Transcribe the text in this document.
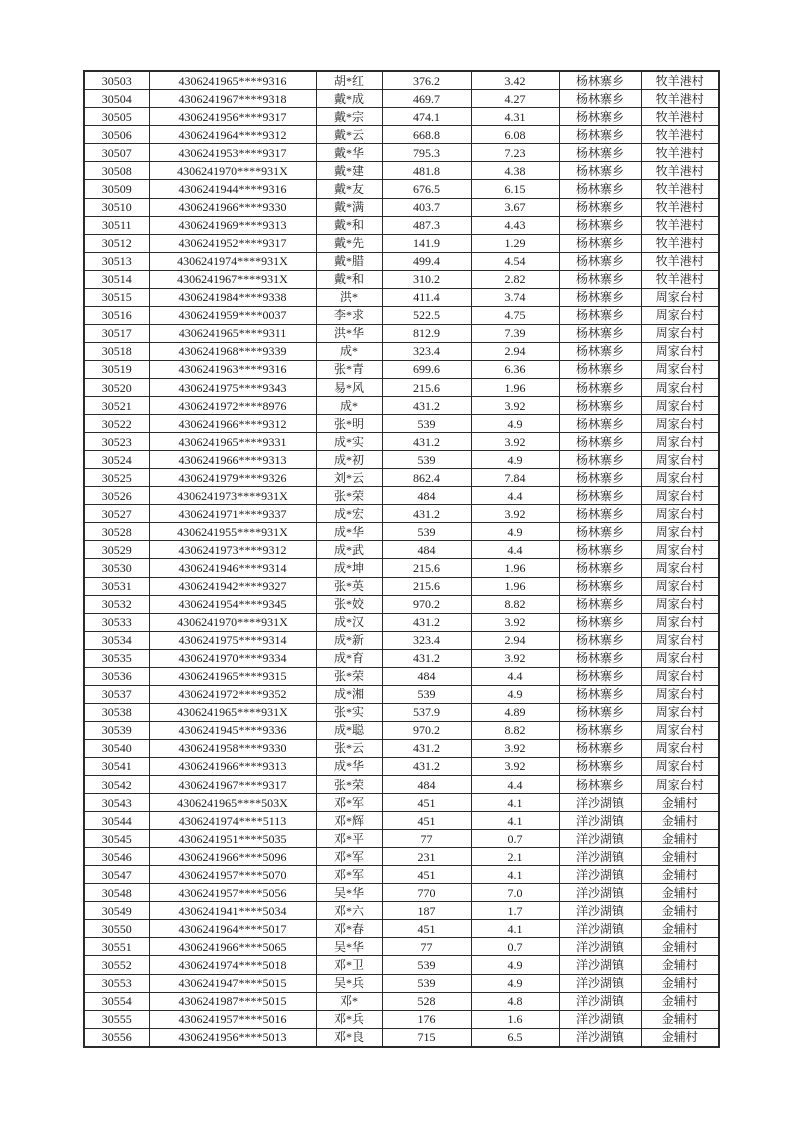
30503	4306241965****9316	胡*红	376.2	3.42	杨林寨乡	牧羊港村
30504	4306241967****9318	戴*成	469.7	4.27	杨林寨乡	牧羊港村
30505	4306241956****9317	戴*宗	474.1	4.31	杨林寨乡	牧羊港村
30506	4306241964****9312	戴*云	668.8	6.08	杨林寨乡	牧羊港村
30507	4306241953****9317	戴*华	795.3	7.23	杨林寨乡	牧羊港村
30508	4306241970****931X	戴*建	481.8	4.38	杨林寨乡	牧羊港村
30509	4306241944****9316	戴*友	676.5	6.15	杨林寨乡	牧羊港村
30510	4306241966****9330	戴*满	403.7	3.67	杨林寨乡	牧羊港村
30511	4306241969****9313	戴*和	487.3	4.43	杨林寨乡	牧羊港村
30512	4306241952****9317	戴*先	141.9	1.29	杨林寨乡	牧羊港村
30513	4306241974****931X	戴*腊	499.4	4.54	杨林寨乡	牧羊港村
30514	4306241967****931X	戴*和	310.2	2.82	杨林寨乡	牧羊港村
30515	4306241984****9338	洪*	411.4	3.74	杨林寨乡	周家台村
30516	4306241959****0037	李*求	522.5	4.75	杨林寨乡	周家台村
30517	4306241965****9311	洪*华	812.9	7.39	杨林寨乡	周家台村
30518	4306241968****9339	成*	323.4	2.94	杨林寨乡	周家台村
30519	4306241963****9316	张*青	699.6	6.36	杨林寨乡	周家台村
30520	4306241975****9343	易*风	215.6	1.96	杨林寨乡	周家台村
30521	4306241972****8976	成*	431.2	3.92	杨林寨乡	周家台村
30522	4306241966****9312	张*明	539	4.9	杨林寨乡	周家台村
30523	4306241965****9331	成*实	431.2	3.92	杨林寨乡	周家台村
30524	4306241966****9313	成*初	539	4.9	杨林寨乡	周家台村
30525	4306241979****9326	刘*云	862.4	7.84	杨林寨乡	周家台村
30526	4306241973****931X	张*荣	484	4.4	杨林寨乡	周家台村
30527	4306241971****9337	成*宏	431.2	3.92	杨林寨乡	周家台村
30528	4306241955****931X	成*华	539	4.9	杨林寨乡	周家台村
30529	4306241973****9312	成*武	484	4.4	杨林寨乡	周家台村
30530	4306241946****9314	成*坤	215.6	1.96	杨林寨乡	周家台村
30531	4306241942****9327	张*英	215.6	1.96	杨林寨乡	周家台村
30532	4306241954****9345	张*姣	970.2	8.82	杨林寨乡	周家台村
30533	4306241970****931X	成*汉	431.2	3.92	杨林寨乡	周家台村
30534	4306241975****9314	成*新	323.4	2.94	杨林寨乡	周家台村
30535	4306241970****9334	成*育	431.2	3.92	杨林寨乡	周家台村
30536	4306241965****9315	张*荣	484	4.4	杨林寨乡	周家台村
30537	4306241972****9352	成*湘	539	4.9	杨林寨乡	周家台村
30538	4306241965****931X	张*实	537.9	4.89	杨林寨乡	周家台村
30539	4306241945****9336	成*聪	970.2	8.82	杨林寨乡	周家台村
30540	4306241958****9330	张*云	431.2	3.92	杨林寨乡	周家台村
30541	4306241966****9313	成*华	431.2	3.92	杨林寨乡	周家台村
30542	4306241967****9317	张*荣	484	4.4	杨林寨乡	周家台村
30543	4306241965****503X	邓*军	451	4.1	洋沙湖镇	金辅村
30544	4306241974****5113	邓*辉	451	4.1	洋沙湖镇	金辅村
30545	4306241951****5035	邓*平	77	0.7	洋沙湖镇	金辅村
30546	4306241966****5096	邓*军	231	2.1	洋沙湖镇	金辅村
30547	4306241957****5070	邓*军	451	4.1	洋沙湖镇	金辅村
30548	4306241957****5056	吴*华	770	7.0	洋沙湖镇	金辅村
30549	4306241941****5034	邓*六	187	1.7	洋沙湖镇	金辅村
30550	4306241964****5017	邓*春	451	4.1	洋沙湖镇	金辅村
30551	4306241966****5065	吴*华	77	0.7	洋沙湖镇	金辅村
30552	4306241974****5018	邓*卫	539	4.9	洋沙湖镇	金辅村
30553	4306241947****5015	吴*兵	539	4.9	洋沙湖镇	金辅村
30554	4306241987****5015	邓*	528	4.8	洋沙湖镇	金辅村
30555	4306241957****5016	邓*兵	176	1.6	洋沙湖镇	金辅村
30556	4306241956****5013	邓*良	715	6.5	洋沙湖镇	金辅村
